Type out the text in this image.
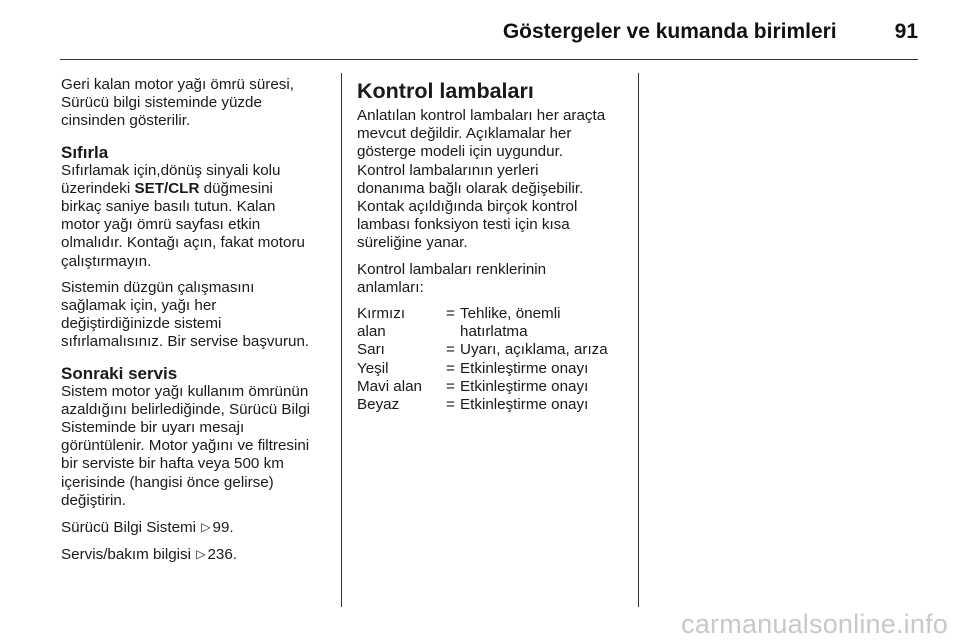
Göstergeler ve kumanda birimleri	91

Geri kalan motor yağı ömrü süresi,
Sürücü bilgi sisteminde yüzde
cinsinden gösterilir.

Sıfırla

Sıfırlamak için,dönüş sinyali kolu
üzerindeki SET/CLR düğmesini
birkaç saniye basılı tutun. Kalan
motor yağı ömrü sayfası etkin
olmalıdır. Kontağı açın, fakat motoru
çalıştırmayın.

Sistemin düzgün çalışmasını
sağlamak için, yağı her
değiştirdiğinizde sistemi
sıfırlamalısınız. Bir servise başvurun.

Sonraki servis

Sistem motor yağı kullanım ömrünün
azaldığını belirlediğinde, Sürücü Bilgi
Sisteminde bir uyarı mesajı
görüntülenir. Motor yağını ve filtresini
bir serviste bir hafta veya 500 km
içerisinde (hangisi önce gelirse)
değiştirin.

Sürücü Bilgi Sistemi ▷ 99.

Servis/bakım bilgisi ▷ 236.

Kontrol lambaları

Anlatılan kontrol lambaları her araçta
mevcut değildir. Açıklamalar her
gösterge modeli için uygundur.
Kontrol lambalarının yerleri
donanıma bağlı olarak değişebilir.
Kontak açıldığında birçok kontrol
lambası fonksiyon testi için kısa
süreliğine yanar.

Kontrol lambaları renklerinin
anlamları:

Kırmızı
alan	=	Tehlike, önemli
hatırlatma
Sarı	=	Uyarı, açıklama, arıza
Yeşil	=	Etkinleştirme onayı
Mavi alan	=	Etkinleştirme onayı
Beyaz	=	Etkinleştirme onayı
carmanualsonline.info
